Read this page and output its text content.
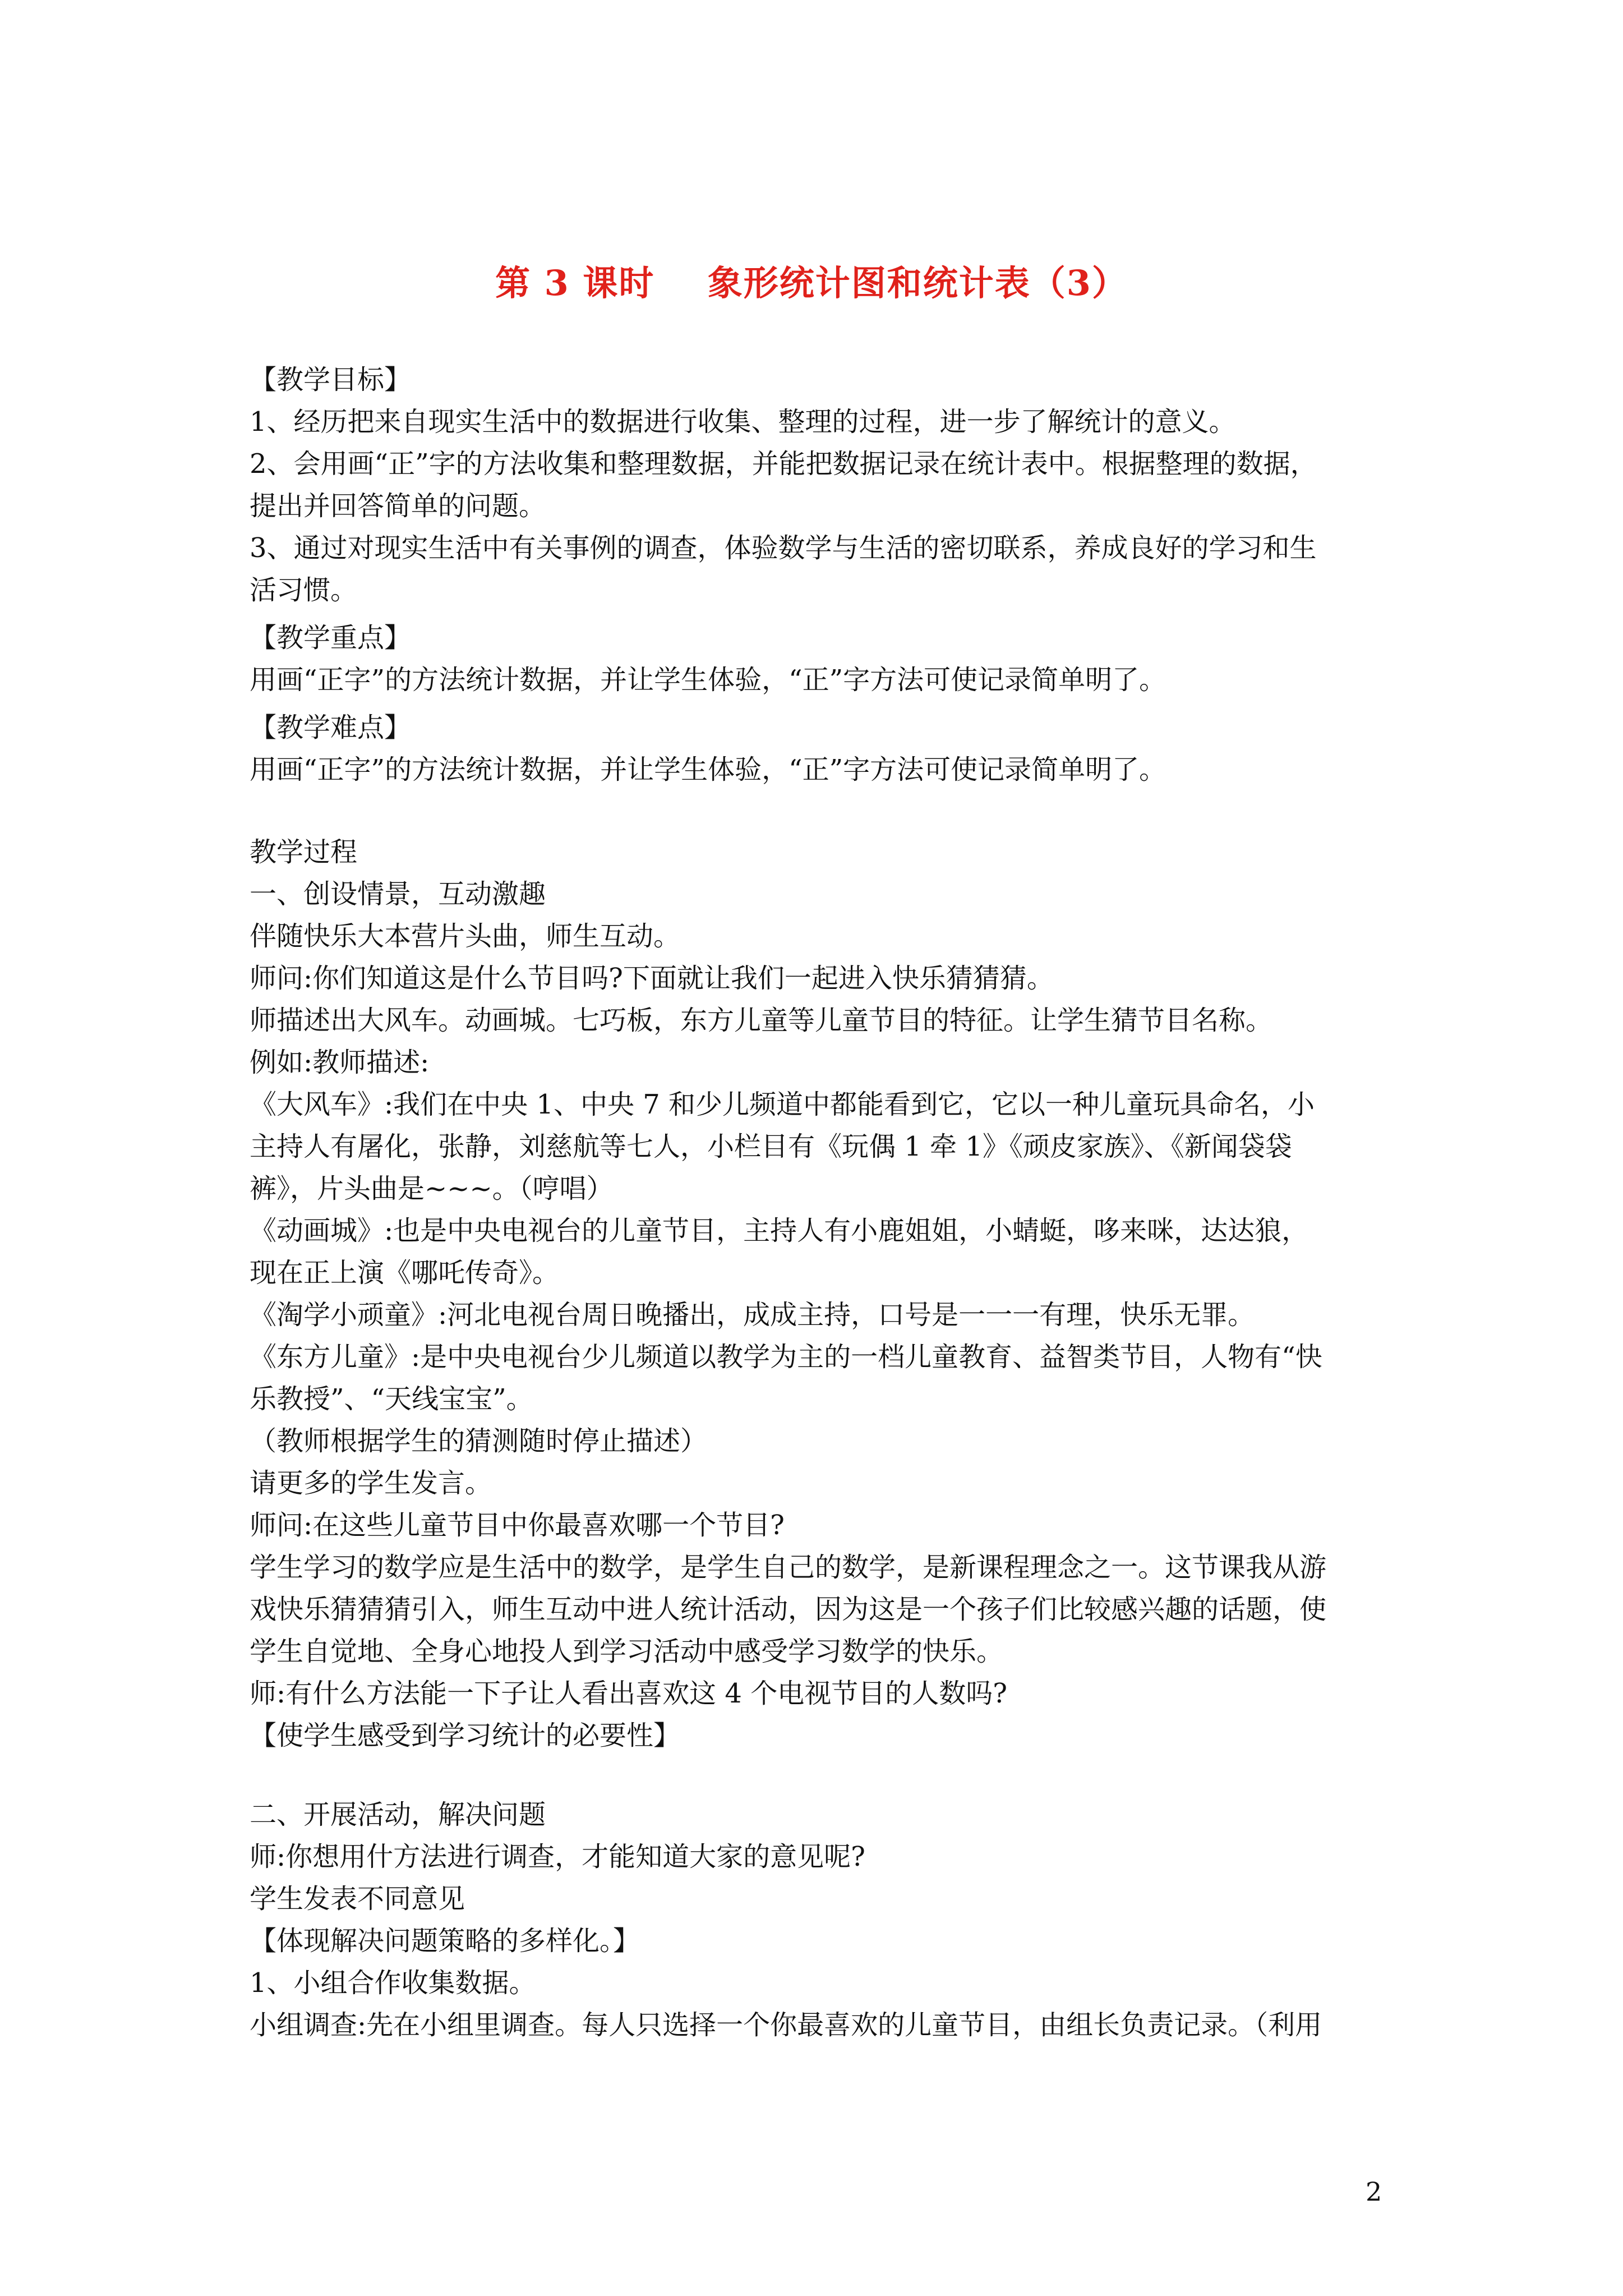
第 3 课时    象形统计图和统计表（3）
【教学目标】
1、经历把来自现实生活中的数据进行收集、整理的过程，进一步了解统计的意义。
2、会用画“正”字的方法收集和整理数据，并能把数据记录在统计表中。根据整理的数据，
提出并回答简单的问题。
3、通过对现实生活中有关事例的调查，体验数学与生活的密切联系，养成良好的学习和生
活习惯。
【教学重点】
用画“正字”的方法统计数据，并让学生体验，“正”字方法可使记录简单明了。
【教学难点】
用画“正字”的方法统计数据，并让学生体验，“正”字方法可使记录简单明了。
教学过程
一、创设情景，互动激趣
伴随快乐大本营片头曲，师生互动。
师问:你们知道这是什么节目吗?下面就让我们一起进入快乐猜猜猜。
师描述出大风车。动画城。七巧板，东方儿童等儿童节目的特征。让学生猜节目名称。
例如:教师描述:
《大风车》:我们在中央 1、中央 7 和少儿频道中都能看到它，它以一种儿童玩具命名，小
主持人有屠化，张静，刘慈航等七人，小栏目有《玩偶 1 牵 1》《顽皮家族》、《新闻袋袋
裤》，片头曲是~~~。（哼唱）
《动画城》:也是中央电视台的儿童节目，主持人有小鹿姐姐，小蜻蜓，哆来咪，达达狼，
现在正上演《哪吒传奇》。
《淘学小顽童》:河北电视台周日晚播出，成成主持，口号是一一一有理，快乐无罪。
《东方儿童》:是中央电视台少儿频道以教学为主的一档儿童教育、益智类节目，人物有“快
乐教授”、“天线宝宝”。
（教师根据学生的猜测随时停止描述）
请更多的学生发言。
师问:在这些儿童节目中你最喜欢哪一个节目?
学生学习的数学应是生活中的数学，是学生自己的数学，是新课程理念之一。这节课我从游
戏快乐猜猜猜引入，师生互动中进人统计活动，因为这是一个孩子们比较感兴趣的话题，使
学生自觉地、全身心地投人到学习活动中感受学习数学的快乐。
师:有什么方法能一下子让人看出喜欢这 4 个电视节目的人数吗?
【使学生感受到学习统计的必要性】
二、开展活动，解决问题
师:你想用什方法进行调查，才能知道大家的意见呢?
学生发表不同意见
【体现解决问题策略的多样化。】
1、小组合作收集数据。
小组调查:先在小组里调查。每人只选择一个你最喜欢的儿童节目，由组长负责记录。（利用
2
